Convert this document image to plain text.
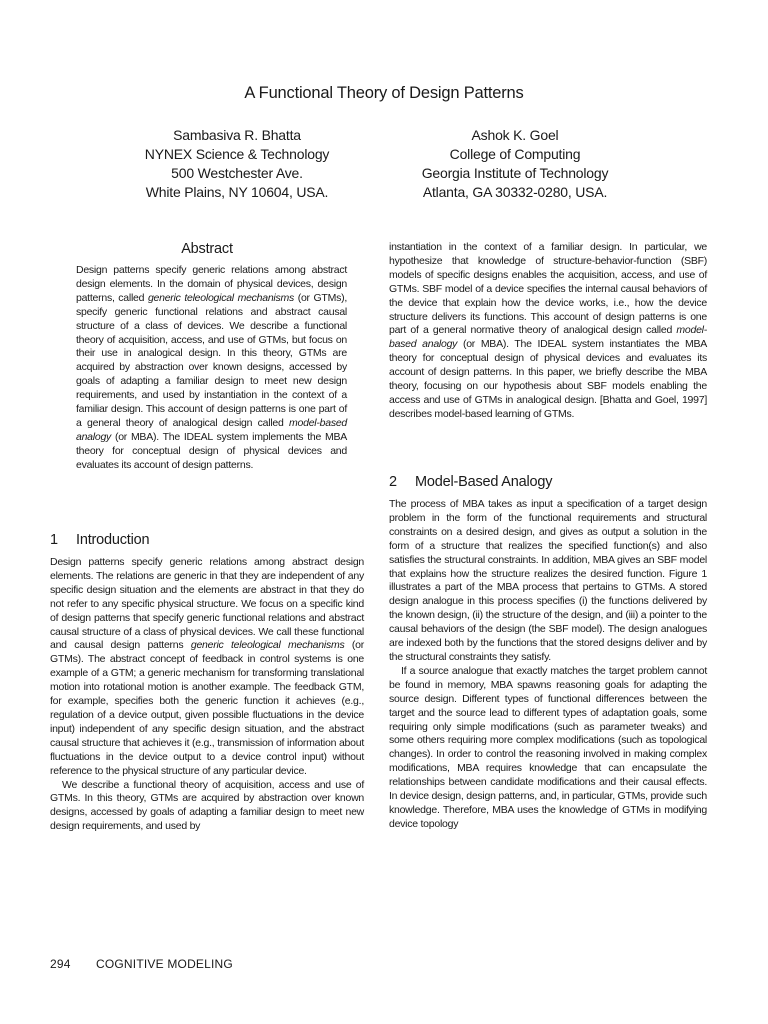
A Functional Theory of Design Patterns
Sambasiva R. Bhatta
NYNEX Science & Technology
500 Westchester Ave.
White Plains, NY 10604, USA.
Ashok K. Goel
College of Computing
Georgia Institute of Technology
Atlanta, GA 30332-0280, USA.
Abstract
Design patterns specify generic relations among abstract design elements. In the domain of physical devices, design patterns, called generic teleological mechanisms (or GTMs), specify generic functional relations and abstract causal structure of a class of devices. We describe a functional theory of acquisition, access, and use of GTMs, but focus on their use in analogical design. In this theory, GTMs are acquired by abstraction over known designs, accessed by goals of adapting a familiar design to meet new design requirements, and used by instantiation in the context of a familiar design. This account of design patterns is one part of a general theory of analogical design called model-based analogy (or MBA). The IDEAL system implements the MBA theory for conceptual design of physical devices and evaluates its account of design patterns.
1 Introduction

Design patterns specify generic relations among abstract design elements. The relations are generic in that they are independent of any specific design situation and the elements are abstract in that they do not refer to any specific physical structure. We focus on a specific kind of design patterns that specify generic functional relations and abstract causal structure of a class of physical devices. We call these functional and causal design patterns generic teleological mechanisms (or GTMs). The abstract concept of feedback in control systems is one example of a GTM; a generic mechanism for transforming translational motion into rotational motion is another example. The feedback GTM, for example, specifies both the generic function it achieves (e.g., regulation of a device output, given possible fluctuations in the device input) independent of any specific design situation, and the abstract causal structure that achieves it (e.g., transmission of information about fluctuations in the device output to a device control input) without reference to the physical structure of any particular device.

We describe a functional theory of acquisition, access and use of GTMs. In this theory, GTMs are acquired by abstraction over known designs, accessed by goals of adapting a familiar design to meet new design requirements, and used by

instantiation in the context of a familiar design. In particular, we hypothesize that knowledge of structure-behavior-function (SBF) models of specific designs enables the acquisition, access, and use of GTMs. SBF model of a device specifies the internal causal behaviors of the device that explain how the device works, i.e., how the device structure delivers its functions. This account of design patterns is one part of a general normative theory of analogical design called model-based analogy (or MBA). The IDEAL system instantiates the MBA theory for conceptual design of physical devices and evaluates its account of design patterns. In this paper, we briefly describe the MBA theory, focusing on our hypothesis about SBF models enabling the access and use of GTMs in analogical design. [Bhatta and Goel, 1997] describes model-based learning of GTMs.

2 Model-Based Analogy

The process of MBA takes as input a specification of a target design problem in the form of the functional requirements and structural constraints on a desired design, and gives as output a solution in the form of a structure that realizes the specified function(s) and also satisfies the structural constraints. In addition, MBA gives an SBF model that explains how the structure realizes the desired function. Figure 1 illustrates a part of the MBA process that pertains to GTMs. A stored design analogue in this process specifies (i) the functions delivered by the known design, (ii) the structure of the design, and (iii) a pointer to the causal behaviors of the design (the SBF model). The design analogues are indexed both by the functions that the stored designs deliver and by the structural constraints they satisfy.

If a source analogue that exactly matches the target problem cannot be found in memory, MBA spawns reasoning goals for adapting the source design. Different types of functional differences between the target and the source lead to different types of adaptation goals, some requiring only simple modifications (such as parameter tweaks) and some others requiring more complex modifications (such as topological changes). In order to control the reasoning involved in making complex modifications, MBA requires knowledge that can encapsulate the relationships between candidate modifications and their causal effects. In device design, design patterns, and, in particular, GTMs, provide such knowledge. Therefore, MBA uses the knowledge of GTMs in modifying device topology

294 COGNITIVE MODELING
